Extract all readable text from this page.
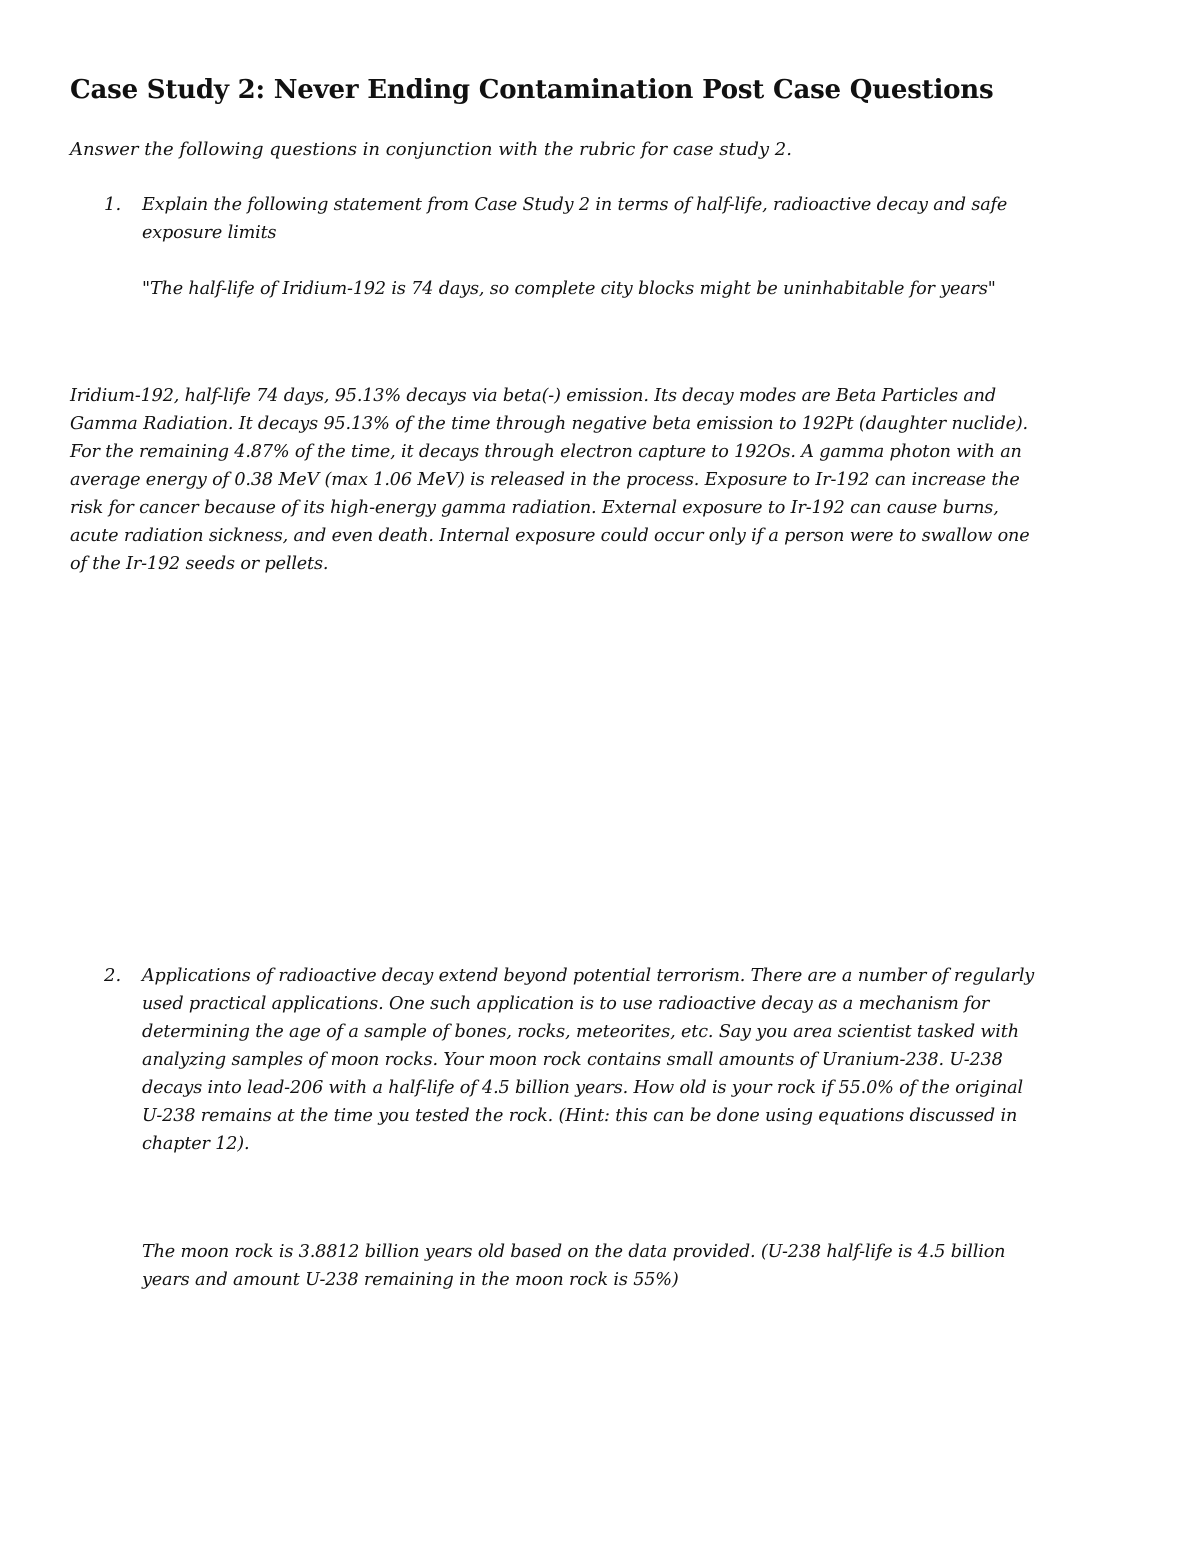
Case Study 2: Never Ending Contamination Post Case Questions

Answer the following questions in conjunction with the rubric for case study 2.

1.	Explain the following statement from Case Study 2 in terms of half-life, radioactive decay and safe
exposure limits

"The half-life of Iridium-192 is 74 days, so complete city blocks might be uninhabitable for years"

Iridium-192, half-life 74 days, 95.13% decays via beta(-) emission. Its decay modes are Beta Particles and
Gamma Radiation. It decays 95.13% of the time through negative beta emission to 192Pt (daughter nuclide).
For the remaining 4.87% of the time, it decays through electron capture to 192Os. A gamma photon with an
average energy of 0.38 MeV (max 1.06 MeV) is released in the process. Exposure to Ir-192 can increase the
risk for cancer because of its high-energy gamma radiation. External exposure to Ir-192 can cause burns,
acute radiation sickness, and even death. Internal exposure could occur only if a person were to swallow one
of the Ir-192 seeds or pellets.
2.	Applications of radioactive decay extend beyond potential terrorism. There are a number of regularly
used practical applications. One such application is to use radioactive decay as a mechanism for
determining the age of a sample of bones, rocks, meteorites, etc. Say you area scientist tasked with
analyzing samples of moon rocks. Your moon rock contains small amounts of Uranium-238. U-238
decays into lead-206 with a half-life of 4.5 billion years. How old is your rock if 55.0% of the original
U-238 remains at the time you tested the rock. (Hint: this can be done using equations discussed in
chapter 12).

The moon rock is 3.8812 billion years old based on the data provided. (U-238 half-life is 4.5 billion
years and amount U-238 remaining in the moon rock is 55%)
